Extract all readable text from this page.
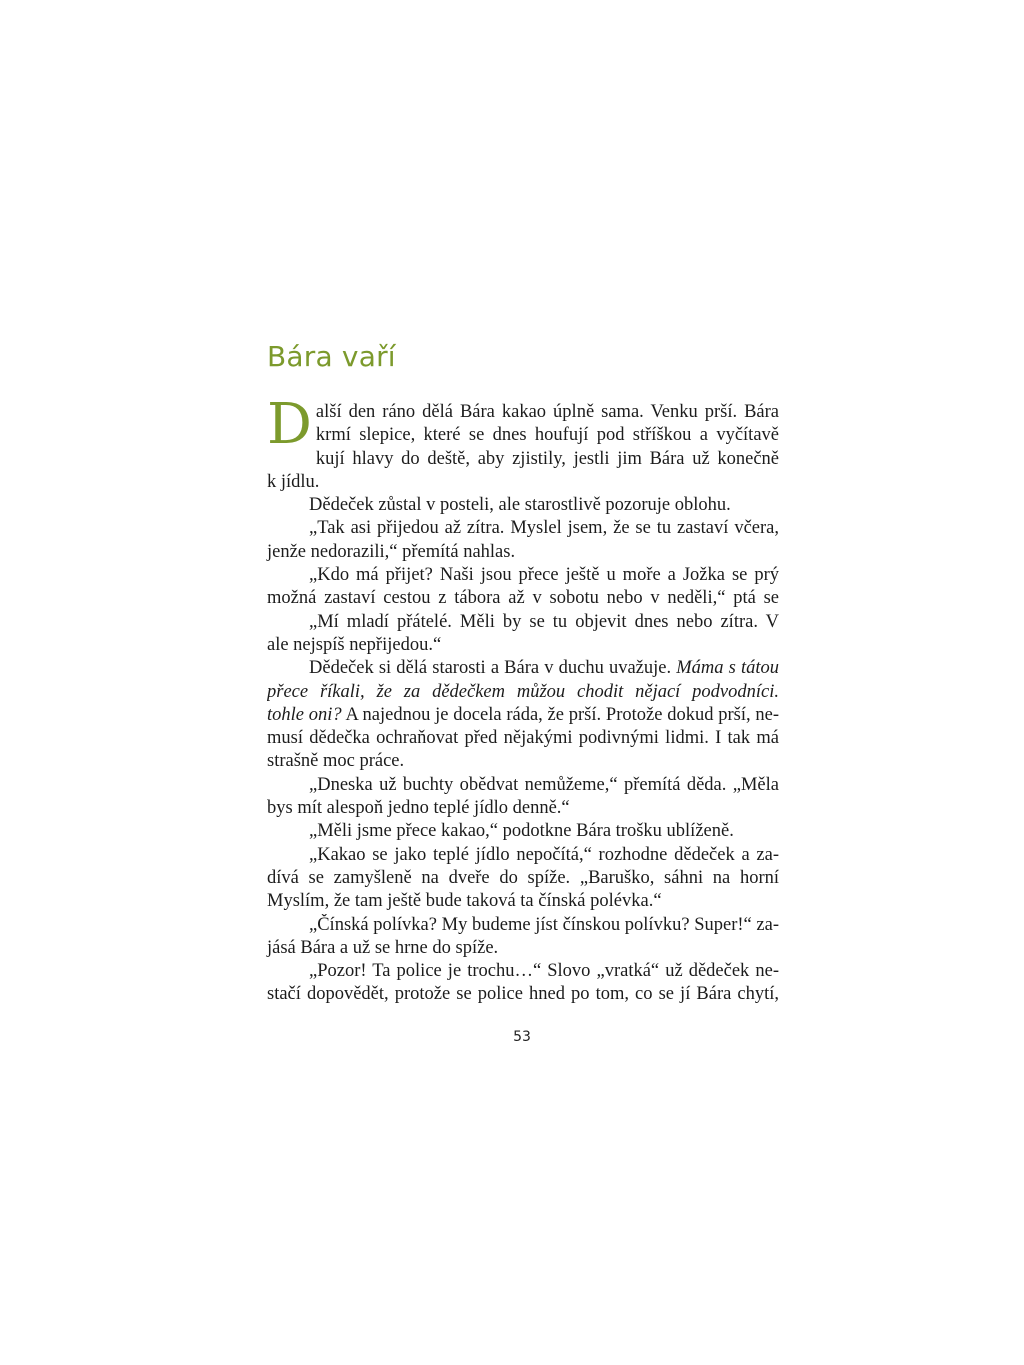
Bára vaří
D alší den ráno dělá Bára kakao úplně sama. Venku prší. Bára
krmí slepice, které se dnes houfují pod stříškou a vyčítavě
kují hlavy do deště, aby zjistily, jestli jim Bára už konečně
k jídlu.
Dědeček zůstal v posteli, ale starostlivě pozoruje oblohu.
„Tak asi přijedou až zítra. Myslel jsem, že se tu zastaví včera,
jenže nedorazili,“ přemítá nahlas.
„Kdo má přijet? Naši jsou přece ještě u moře a Jožka se prý
možná zastaví cestou z tábora až v sobotu nebo v neděli,“ ptá se
„Mí mladí přátelé. Měli by se tu objevit dnes nebo zítra. V
ale nejspíš nepřijedou.“
Dědeček si dělá starosti a Bára v duchu uvažuje. Máma s tátou
přece říkali, že za dědečkem můžou chodit nějací podvodníci.
tohle oni? A najednou je docela ráda, že prší. Protože dokud prší, ne-
musí dědečka ochraňovat před nějakými podivnými lidmi. I tak má
strašně moc práce.
„Dneska už buchty obědvat nemůžeme,“ přemítá děda. „Měla
bys mít alespoň jedno teplé jídlo denně.“
„Měli jsme přece kakao,“ podotkne Bára trošku ublíženě.
„Kakao se jako teplé jídlo nepočítá,“ rozhodne dědeček a za-
dívá se zamyšleně na dveře do spíže. „Baruško, sáhni na horní
Myslím, že tam ještě bude taková ta čínská polévka.“
„Čínská polívka? My budeme jíst čínskou polívku? Super!“ za-
jásá Bára a už se hrne do spíže.
„Pozor! Ta police je trochu…“ Slovo „vratká“ už dědeček ne-
stačí dopovědět, protože se police hned po tom, co se jí Bára chytí,
53
